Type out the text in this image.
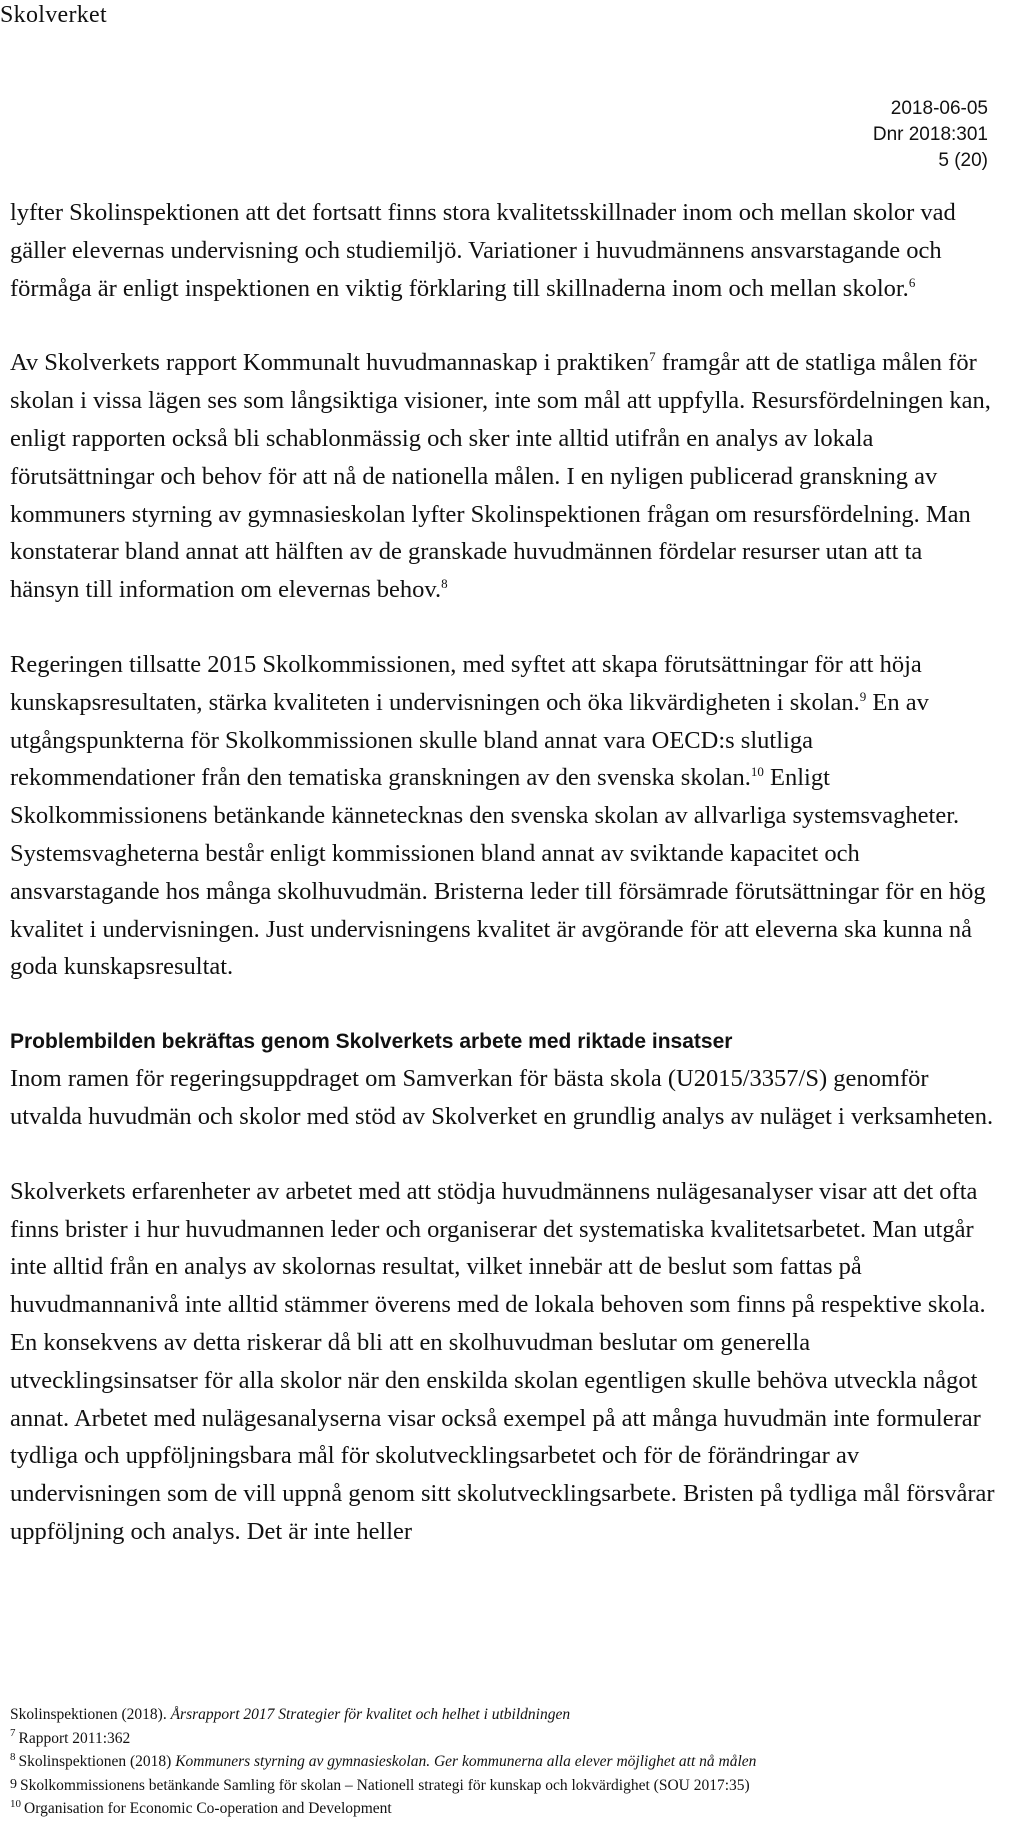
Skolverket
2018-06-05
Dnr 2018:301
5 (20)

lyfter Skolinspektionen att det fortsatt finns stora kvalitetsskillnader inom och mellan skolor vad gäller elevernas undervisning och studiemiljö. Variationer i huvudmännens ansvarstagande och förmåga är enligt inspektionen en viktig förklaring till skillnaderna inom och mellan skolor.$^6$

Av Skolverkets rapport Kommunalt huvudmannaskap i praktiken$^7$ framgår att de statliga målen för skolan i vissa lägen ses som långsiktiga visioner, inte som mål att uppfylla. Resursfördelningen kan, enligt rapporten också bli schablonmässig och sker inte alltid utifrån en analys av lokala förutsättningar och behov för att nå de nationella målen. I en nyligen publicerad granskning av kommuners styrning av gymnasieskolan lyfter Skolinspektionen frågan om resursfördelning. Man konstaterar bland annat att hälften av de granskade huvudmännen fördelar resurser utan att ta hänsyn till information om elevernas behov.$^8$

Regeringen tillsatte 2015 Skolkommissionen, med syftet att skapa förutsättningar för att höja kunskapsresultaten, stärka kvaliteten i undervisningen och öka likvärdigheten i skolan.$^9$ En av utgångspunkterna för Skolkommissionen skulle bland annat vara OECD:s slutliga rekommendationer från den tematiska granskningen av den svenska skolan.$^{10}$ Enligt Skolkommissionens betänkande kännetecknas den svenska skolan av allvarliga systemsvagheter. Systemsvagheterna består enligt kommissionen bland annat av sviktande kapacitet och ansvarstagande hos många skolhuvudmän. Bristerna leder till försämrade förutsättningar för en hög kvalitet i undervisningen. Just undervisningens kvalitet är avgörande för att eleverna ska kunna nå goda kunskapsresultat.

Problembilden bekräftas genom Skolverkets arbete med riktade insatser

Inom ramen för regeringsuppdraget om Samverkan för bästa skola (U2015/3357/S) genomför utvalda huvudmän och skolor med stöd av Skolverket en grundlig analys av nuläget i verksamheten.

Skolverkets erfarenheter av arbetet med att stödja huvudmännens nulägesanalyser visar att det ofta finns brister i hur huvudmannen leder och organiserar det systematiska kvalitetsarbetet. Man utgår inte alltid från en analys av skolornas resultat, vilket innebär att de beslut som fattas på huvudmannanivå inte alltid stämmer överens med de lokala behoven som finns på respektive skola. En konsekvens av detta riskerar då bli att en skolhuvudman beslutar om generella utvecklingsinsatser för alla skolor när den enskilda skolan egentligen skulle behöva utveckla något annat. Arbetet med nulägesanalyserna visar också exempel på att många huvudmän inte formulerar tydliga och uppföljningsbara mål för skolutvecklingsarbetet och för de förändringar av undervisningen som de vill uppnå genom sitt skolutvecklingsarbete. Bristen på tydliga mål försvårar uppföljning och analys. Det är inte heller

Skolinspektionen (2018). Årsrapport 2017 Strategier för kvalitet och helhet i utbildningen
$^7$ Rapport 2011:362
$^8$ Skolinspektionen (2018) Kommuners styrning av gymnasieskolan. Ger kommunerna alla elever möjlighet att nå målen
9 Skolkommissionens betänkande Samling för skolan – Nationell strategi för kunskap och lokvärdighet (SOU 2017:35)
$^{10}$ Organisation for Economic Co-operation and Development
